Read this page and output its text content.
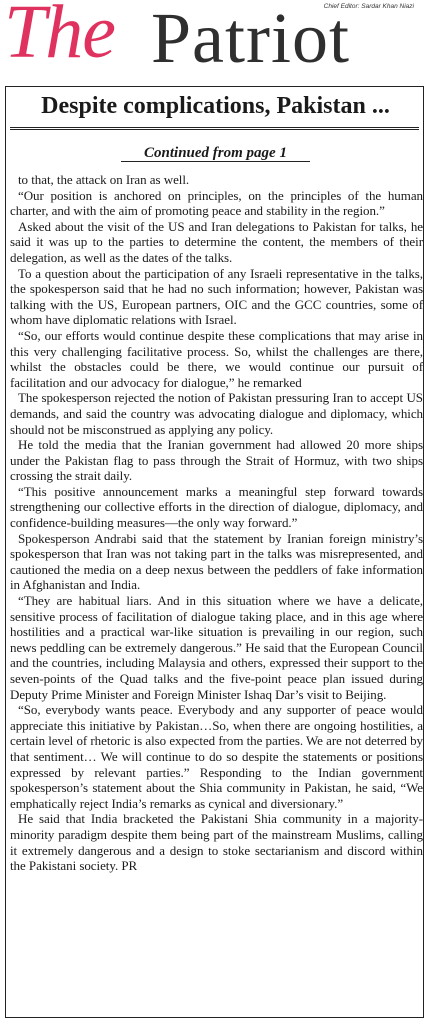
The Patriot
Chief Editor: Sardar Khan Niazi
Despite complications, Pakistan ...
Continued from page 1

to that, the attack on Iran as well.

“Our position is anchored on principles, on the principles of the human charter, and with the aim of promoting peace and stability in the region.”

Asked about the visit of the US and Iran delegations to Pakistan for talks, he said it was up to the parties to determine the content, the members of their delegation, as well as the dates of the talks.

To a question about the participation of any Israeli representative in the talks, the spokesperson said that he had no such information; however, Pakistan was talking with the US, European partners, OIC and the GCC countries, some of whom have diplomatic relations with Israel.

“So, our efforts would continue despite these complications that may arise in this very challenging facilitative process. So, whilst the challenges are there, whilst the obstacles could be there, we would continue our pursuit of facilitation and our advocacy for dialogue,” he remarked

The spokesperson rejected the notion of Pakistan pressuring Iran to accept US demands, and said the country was advocating dialogue and diplomacy, which should not be misconstrued as applying any policy.

He told the media that the Iranian government had allowed 20 more ships under the Pakistan flag to pass through the Strait of Hormuz, with two ships crossing the strait daily.

“This positive announcement marks a meaningful step forward towards strengthening our collective efforts in the direction of dialogue, diplomacy, and confidence-building measures—the only way forward.”

Spokesperson Andrabi said that the statement by Iranian foreign ministry’s spokesperson that Iran was not taking part in the talks was misrepresented, and cautioned the media on a deep nexus between the peddlers of fake information in Afghanistan and India.

“They are habitual liars. And in this situation where we have a delicate, sensitive process of facilitation of dialogue taking place, and in this age where hostilities and a practical war-like situation is prevailing in our region, such news peddling can be extremely dangerous.” He said that the European Council and the countries, including Malaysia and others, expressed their support to the seven-points of the Quad talks and the five-point peace plan issued during Deputy Prime Minister and Foreign Minister Ishaq Dar’s visit to Beijing.

“So, everybody wants peace. Everybody and any supporter of peace would appreciate this initiative by Pakistan…So, when there are ongoing hostilities, a certain level of rhetoric is also expected from the parties. We are not deterred by that sentiment… We will continue to do so despite the statements or positions expressed by relevant parties.” Responding to the Indian government spokesperson’s statement about the Shia community in Pakistan, he said, “We emphatically reject India’s remarks as cynical and diversionary.”

He said that India bracketed the Pakistani Shia community in a majority-minority paradigm despite them being part of the mainstream Muslims, calling it extremely dangerous and a design to stoke sectarianism and discord within the Pakistani society. PR
